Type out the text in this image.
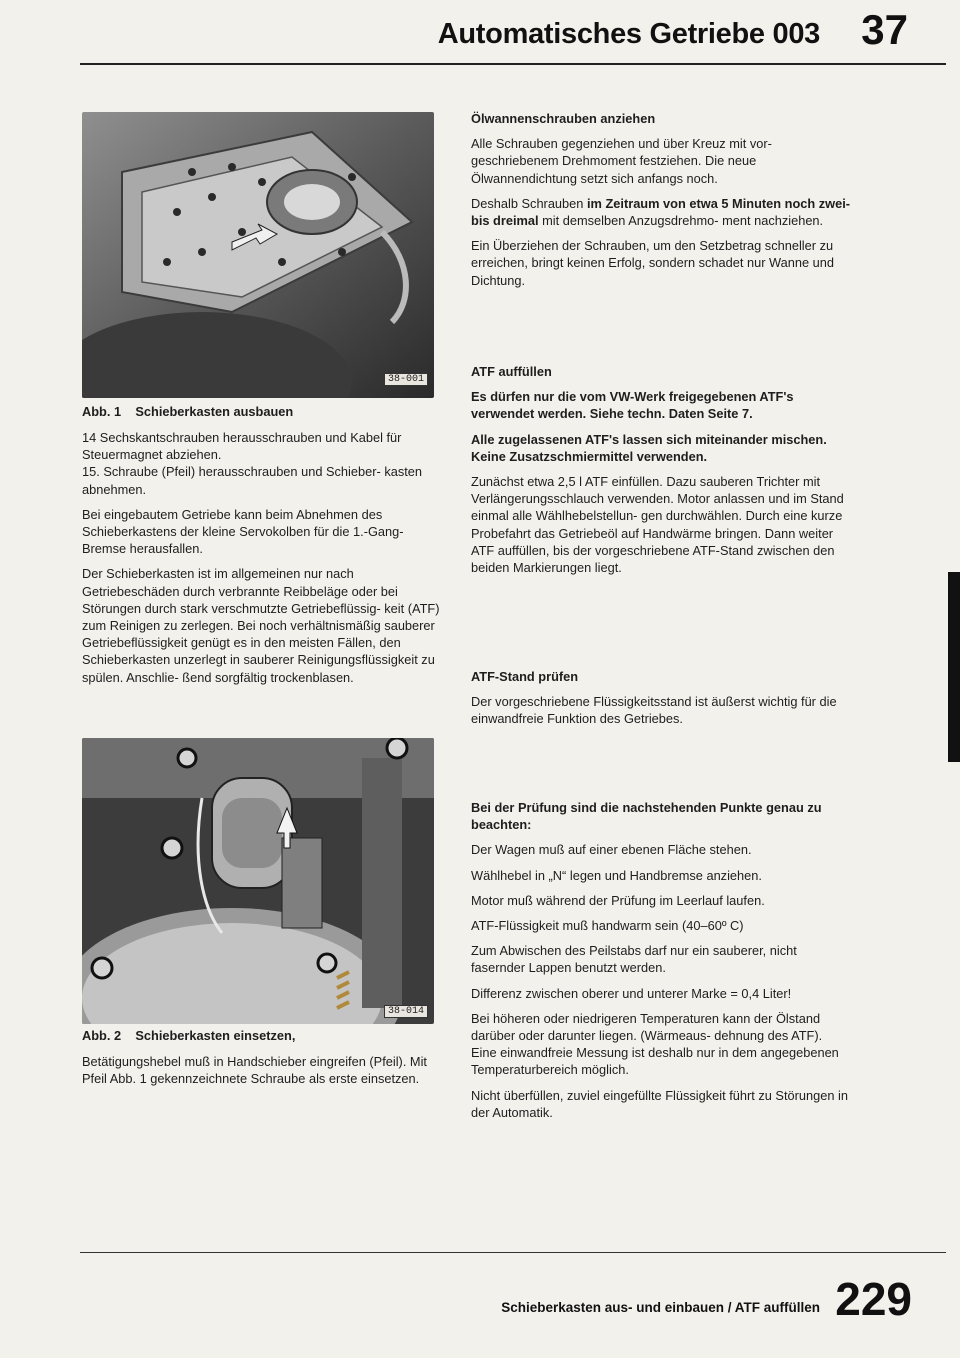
Automatisches Getriebe 003 37
38-001
Abb. 1 Schieberkasten ausbauen

14 Sechskantschrauben herausschrauben und Kabel für Steuermagnet abziehen.

15. Schraube (Pfeil) herausschrauben und Schieber- kasten abnehmen.

Bei eingebautem Getriebe kann beim Abnehmen des Schieberkastens der kleine Servokolben für die 1.-Gang- Bremse herausfallen.

Der Schieberkasten ist im allgemeinen nur nach Getriebeschäden durch verbrannte Reibbeläge oder bei Störungen durch stark verschmutzte Getriebeflüssig- keit (ATF) zum Reinigen zu zerlegen. Bei noch verhältnismäßig sauberer Getriebeflüssigkeit genügt es in den meisten Fällen, den Schieberkasten unzerlegt in sauberer Reinigungsflüssigkeit zu spülen. Anschlie- ßend sorgfältig trockenblasen.

38-014
Abb. 2 Schieberkasten einsetzen,

Betätigungshebel muß in Handschieber eingreifen (Pfeil). Mit Pfeil Abb. 1 gekennzeichnete Schraube als erste einsetzen.

Ölwannenschrauben anziehen

Alle Schrauben gegenziehen und über Kreuz mit vor- geschriebenem Drehmoment festziehen. Die neue Ölwannendichtung setzt sich anfangs noch.

Deshalb Schrauben im Zeitraum von etwa 5 Minuten noch zwei- bis dreimal mit demselben Anzugsdrehmo- ment nachziehen.

Ein Überziehen der Schrauben, um den Setzbetrag schneller zu erreichen, bringt keinen Erfolg, sondern schadet nur Wanne und Dichtung.

ATF auffüllen

Es dürfen nur die vom VW-Werk freigegebenen ATF's verwendet werden. Siehe techn. Daten Seite 7.

Alle zugelassenen ATF's lassen sich miteinander mischen. Keine Zusatzschmiermittel verwenden.

Zunächst etwa 2,5 l ATF einfüllen. Dazu sauberen Trichter mit Verlängerungsschlauch verwenden. Motor anlassen und im Stand einmal alle Wählhebelstellun- gen durchwählen. Durch eine kurze Probefahrt das Getriebeöl auf Handwärme bringen. Dann weiter ATF auffüllen, bis der vorgeschriebene ATF-Stand zwischen den beiden Markierungen liegt.

ATF-Stand prüfen

Der vorgeschriebene Flüssigkeitsstand ist äußerst wichtig für die einwandfreie Funktion des Getriebes.

Bei der Prüfung sind die nachstehenden Punkte genau zu beachten:

Der Wagen muß auf einer ebenen Fläche stehen.

Wählhebel in „N“ legen und Handbremse anziehen.

Motor muß während der Prüfung im Leerlauf laufen.

ATF-Flüssigkeit muß handwarm sein (40–60º C)

Zum Abwischen des Peilstabs darf nur ein sauberer, nicht fasernder Lappen benutzt werden.

Differenz zwischen oberer und unterer Marke = 0,4 Liter!

Bei höheren oder niedrigeren Temperaturen kann der Ölstand darüber oder darunter liegen. (Wärmeaus- dehnung des ATF). Eine einwandfreie Messung ist deshalb nur in dem angegebenen Temperaturbereich möglich.

Nicht überfüllen, zuviel eingefüllte Flüssigkeit führt zu Störungen in der Automatik.

Schieberkasten aus- und einbauen / ATF auffüllen 229
